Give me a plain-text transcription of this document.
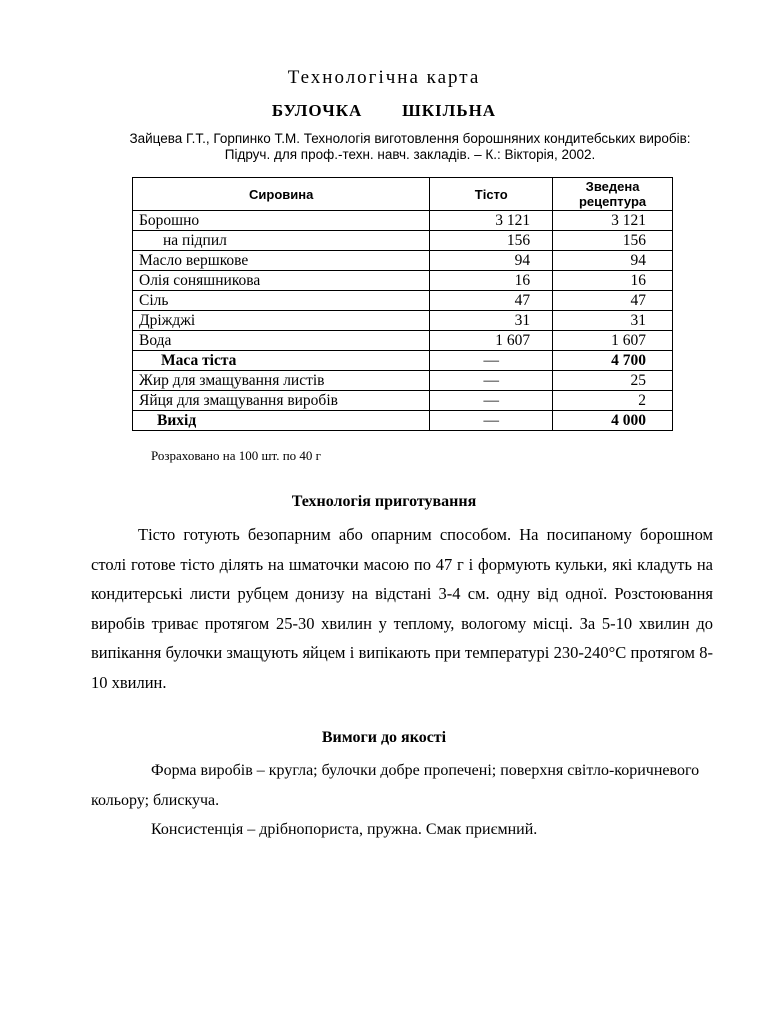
Технологічна карта
БУЛОЧКА   ШКІЛЬНА
Зайцева Г.Т., Горпинко Т.М. Технологія виготовлення борошняних кондитебських виробів:
Підруч. для проф.-техн. навч. закладів. – К.: Вікторія, 2002.
Сировина	Тісто	Зведена
рецептура
Борошно	3 121	3 121
на підпил	156	156
Масло вершкове	94	94
Олія соняшникова	16	16
Сіль	47	47
Дріжджі	31	31
Вода	1 607	1 607
Маса тіста	—	4 700
Жир для змащування листів	—	25
Яйця для змащування виробів	—	2
Вихід	—	4 000
Розраховано на 100 шт. по 40 г
Технологія приготування

Тісто готують безопарним або опарним способом. На посипаному борошном столі готове тісто ділять на шматочки масою по 47 г і формують кульки, які кладуть на кондитерські листи рубцем донизу на відстані 3-4 см. одну від одної. Розстоювання виробів триває протягом 25-30 хвилин у теплому, вологому місці. За 5-10 хвилин до випікання булочки змащують яйцем і випікають при температурі 230-240°С протягом 8-10 хвилин.

Вимоги до якості

Форма виробів – кругла; булочки добре пропечені; поверхня світло-коричневого кольору; блискуча.

Консистенція – дрібнопориста, пружна. Смак приємний.
